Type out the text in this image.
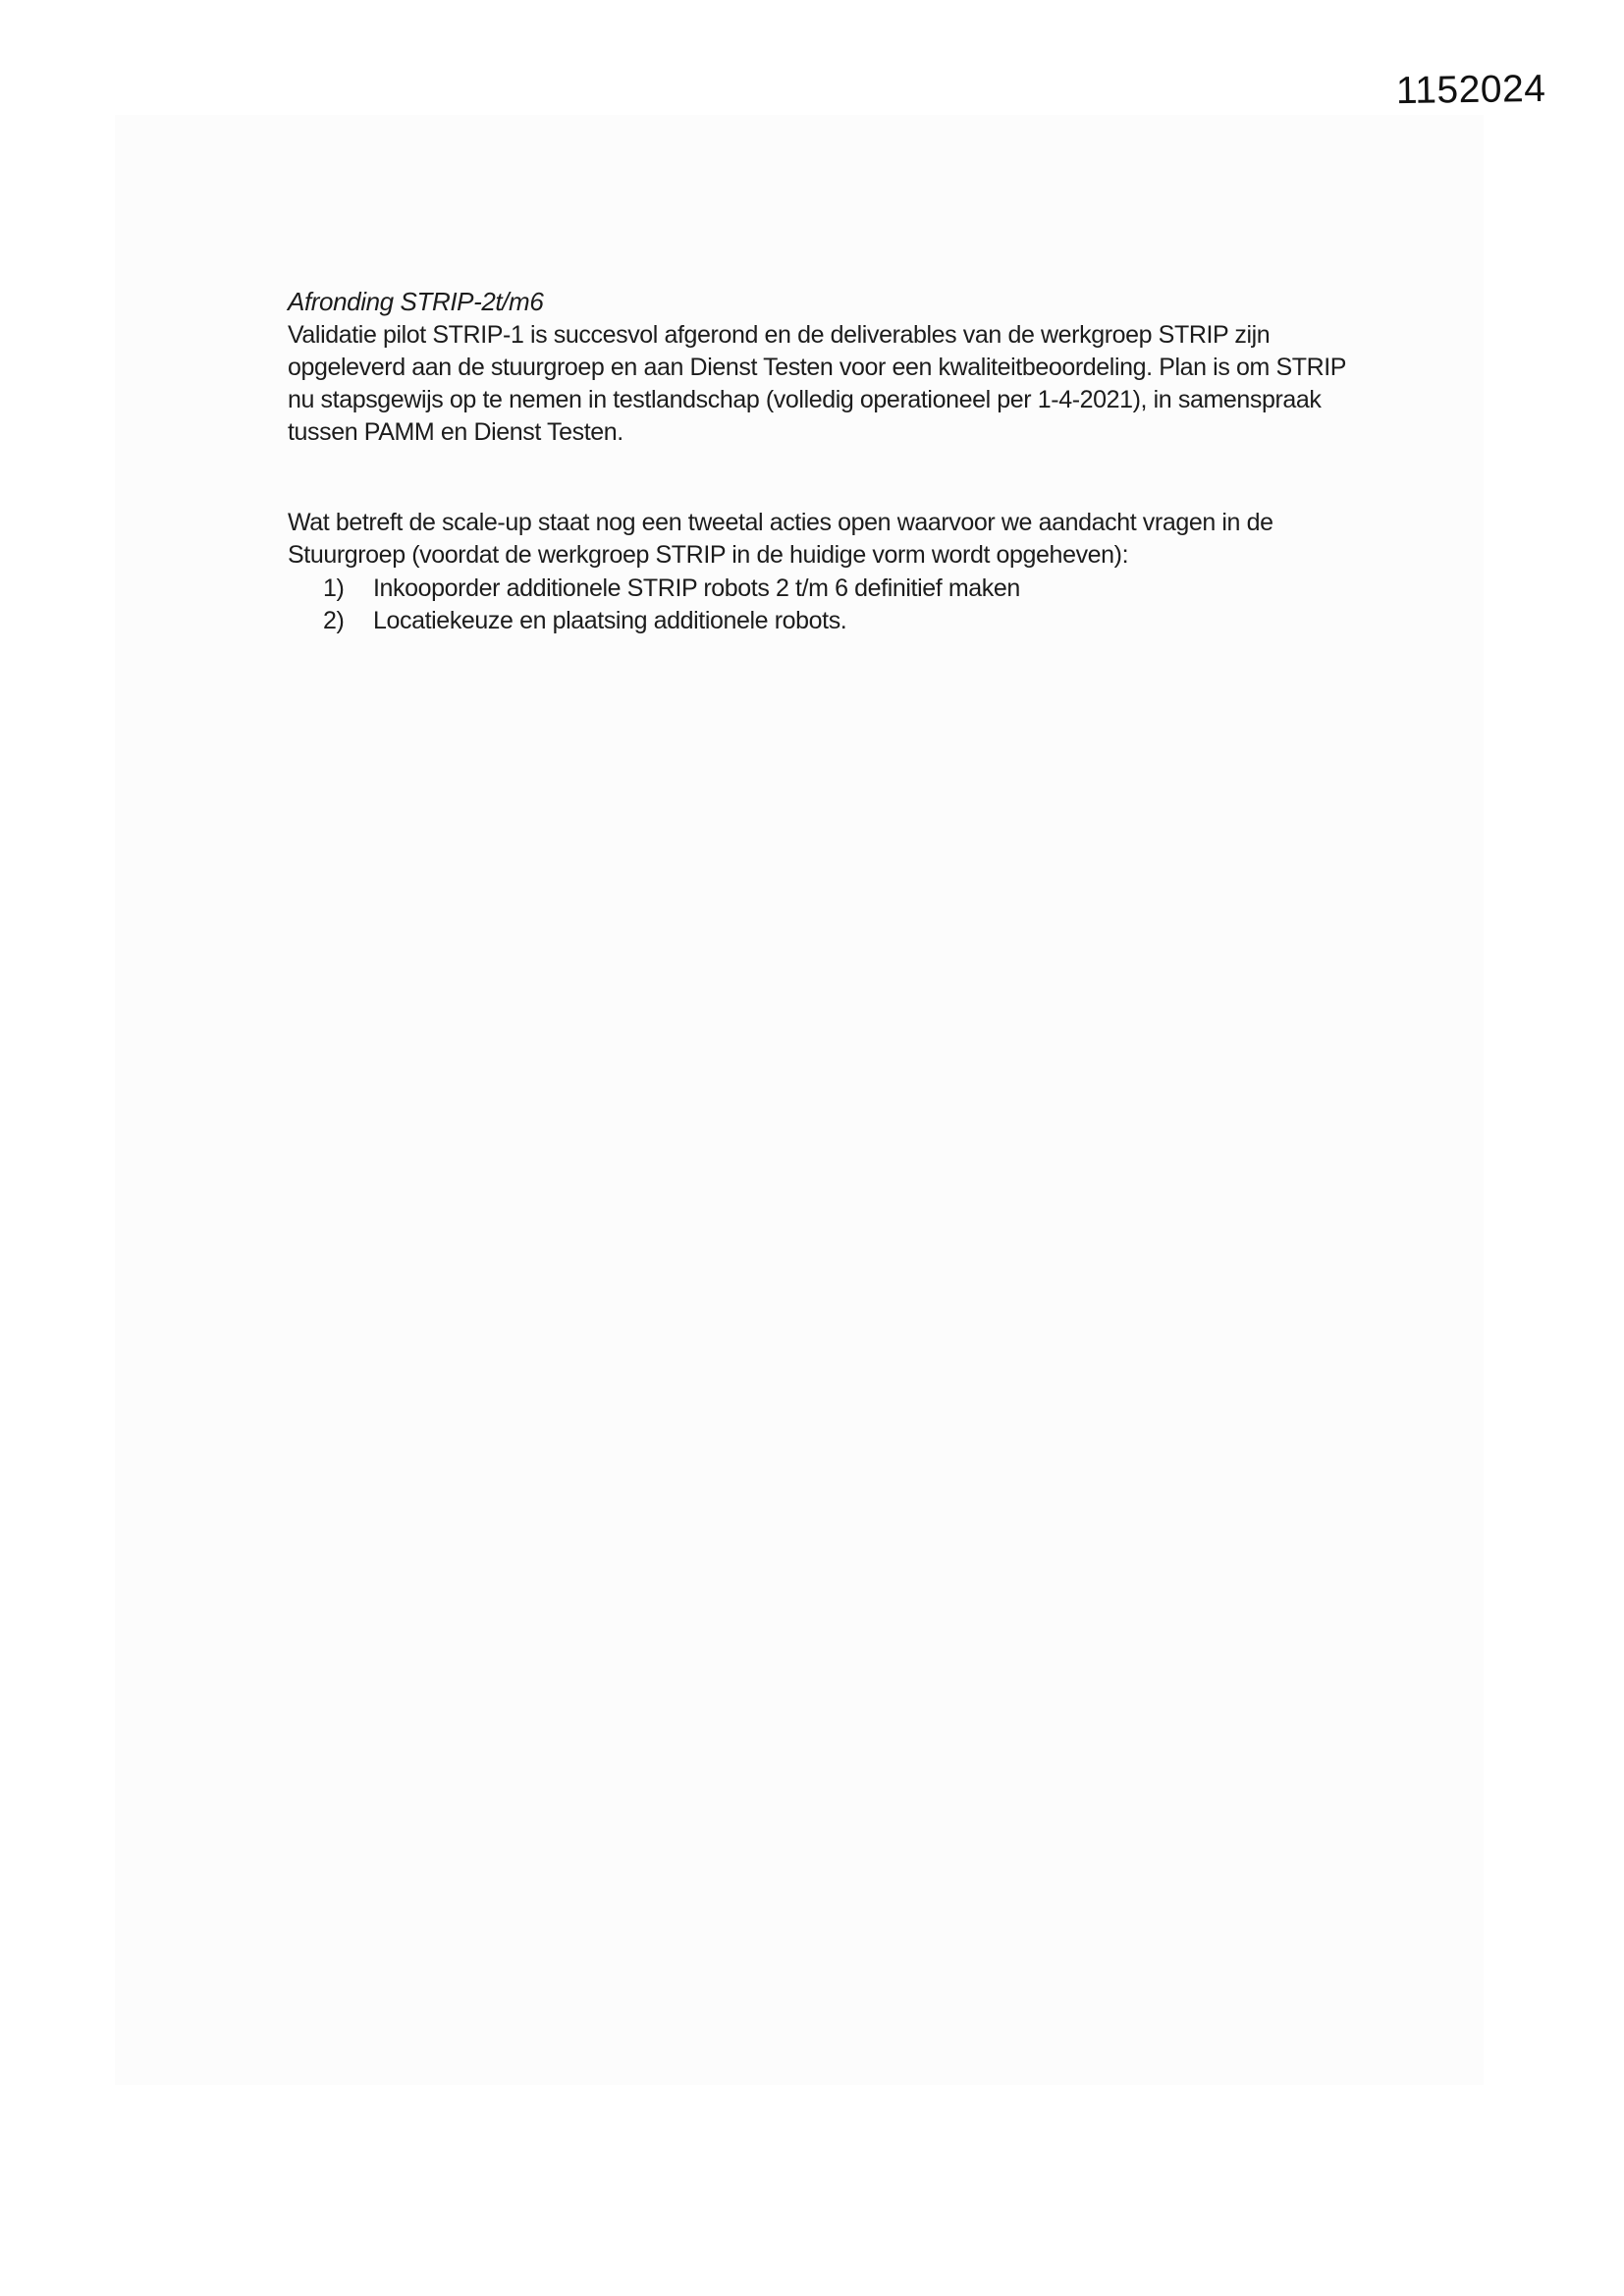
1152024
Afronding STRIP-2t/m6
Validatie pilot STRIP-1 is succesvol afgerond en de deliverables van de werkgroep STRIP zijn
opgeleverd aan de stuurgroep en aan Dienst Testen voor een kwaliteitbeoordeling. Plan is om STRIP
nu stapsgewijs op te nemen in testlandschap (volledig operationeel per 1-4-2021), in samenspraak
tussen PAMM en Dienst Testen.
Wat betreft de scale-up staat nog een tweetal acties open waarvoor we aandacht vragen in de
Stuurgroep (voordat de werkgroep STRIP in de huidige vorm wordt opgeheven):
1)	Inkooporder additionele STRIP robots 2 t/m 6 definitief maken
2)	Locatiekeuze en plaatsing additionele robots.
